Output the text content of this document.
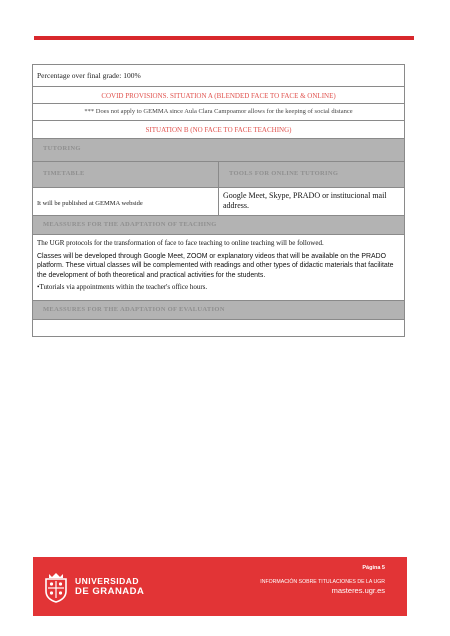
Percentage over final grade: 100%
COVID PROVISIONS. SITUATION A (BLENDED FACE TO FACE & ONLINE)
*** Does not apply to GEMMA since Aula Clara Campoamor allows for the keeping of social distance
SITUATION B (NO FACE TO FACE TEACHING)
TUTORING
TIMETABLE	TOOLS FOR ONLINE TUTORING
It will be published at GEMMA webside
Google Meet, Skype, PRADO or institucional mail address.
MEASSURES FOR THE ADAPTATION OF TEACHING

The UGR protocols for the transformation of face to face teaching to online teaching will be followed.

Classes will be developed through Google Meet, ZOOM or explanatory videos that will be available on the PRADO platform. These virtual classes will be complemented with readings and other types of didactic materials that facilitate the development of both theoretical and practical activities for the students.

•Tutorials via appointments within the teacher's office hours.

MEASSURES FOR THE ADAPTATION OF EVALUATION
UNIVERSIDAD
DE GRANADA
Página 5
INFORMACIÓN SOBRE TITULACIONES DE LA UGR
masteres.ugr.es
